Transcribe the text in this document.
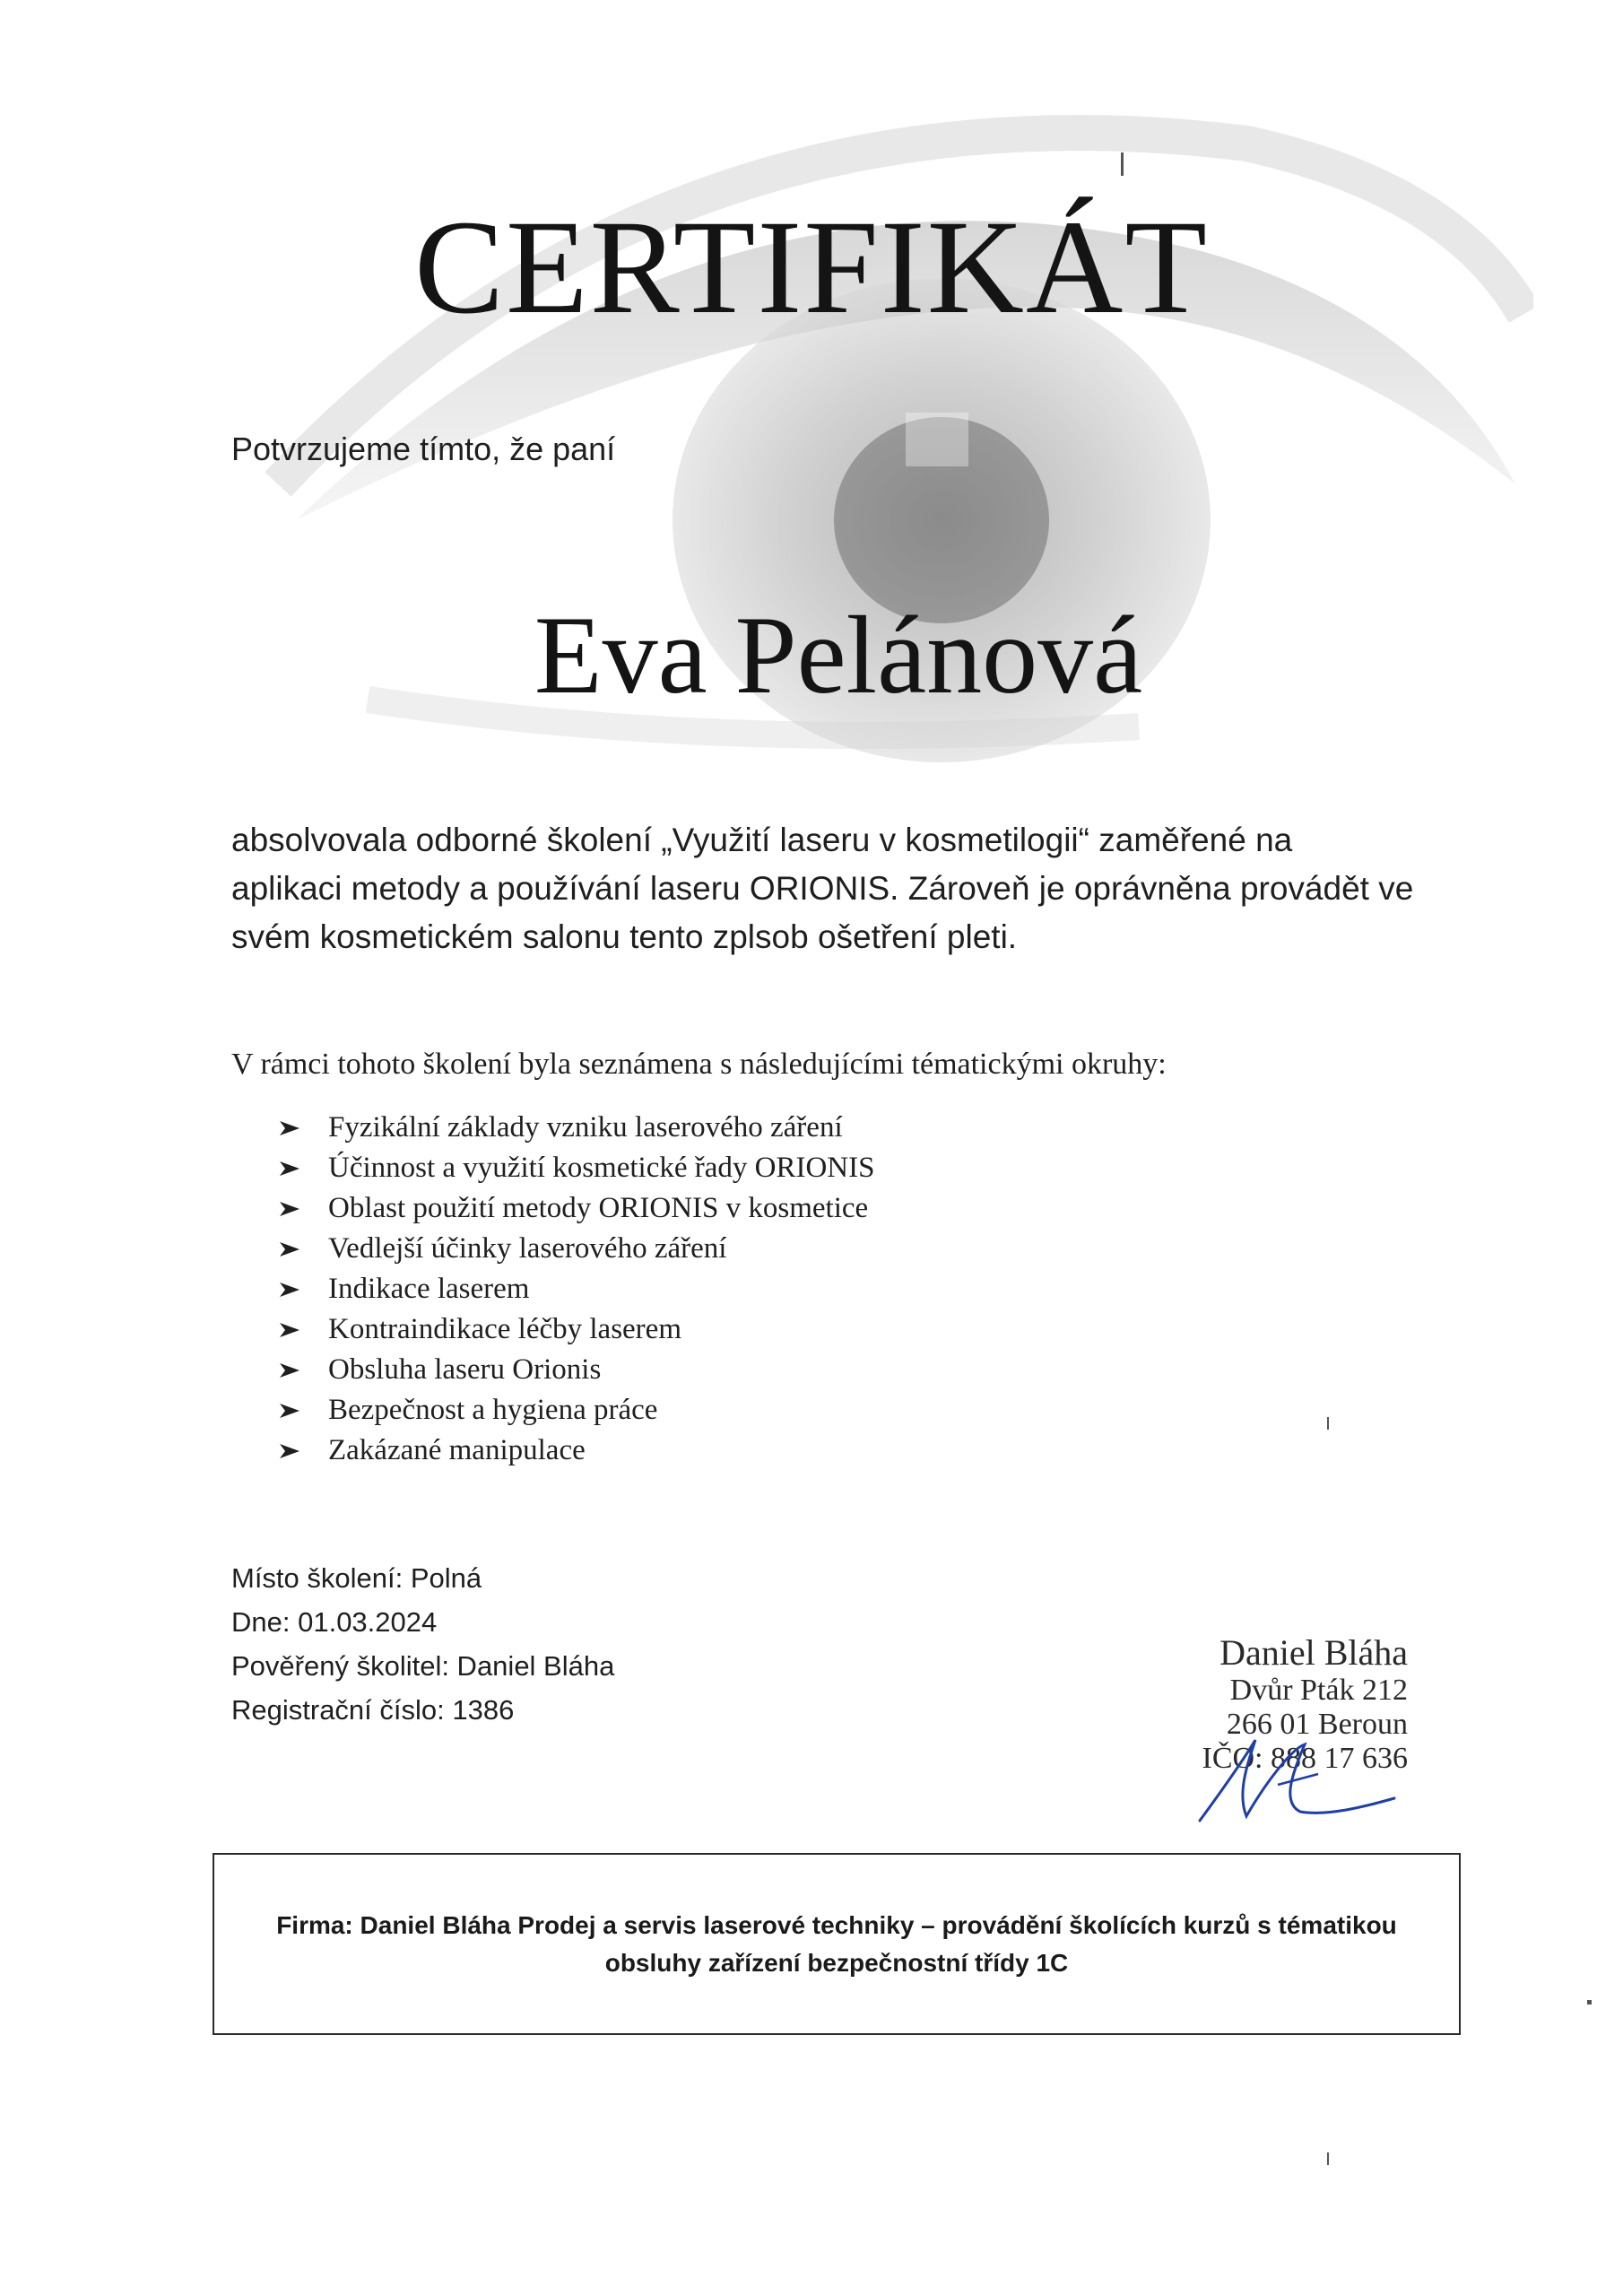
CERTIFIKÁT
Potvrzujeme tímto, že paní
Eva Pelánová
absolvovala odborné školení „Využití laseru v kosmetilogii“ zaměřené na
aplikaci metody a používání laseru ORIONIS. Zároveň je oprávněna provádět ve
svém kosmetickém salonu tento zplsob ošetření pleti.
V rámci tohoto školení byla seznámena s následujícími tématickými okruhy:
Fyzikální základy vzniku laserového záření
Účinnost a využití kosmetické řady ORIONIS
Oblast použití metody ORIONIS v kosmetice
Vedlejší účinky laserového záření
Indikace laserem
Kontraindikace léčby laserem
Obsluha laseru Orionis
Bezpečnost a hygiena práce
Zakázané manipulace
Místo školení: Polná
Dne: 01.03.2024
Pověřený školitel: Daniel Bláha
Registrační číslo: 1386
Daniel Bláha
Dvůr Pták 212
266 01 Beroun
IČO: 888 17 636
Firma: Daniel Bláha Prodej a servis laserové techniky – provádění školících kurzů s tématikou
obsluhy zařízení bezpečnostní třídy 1C
